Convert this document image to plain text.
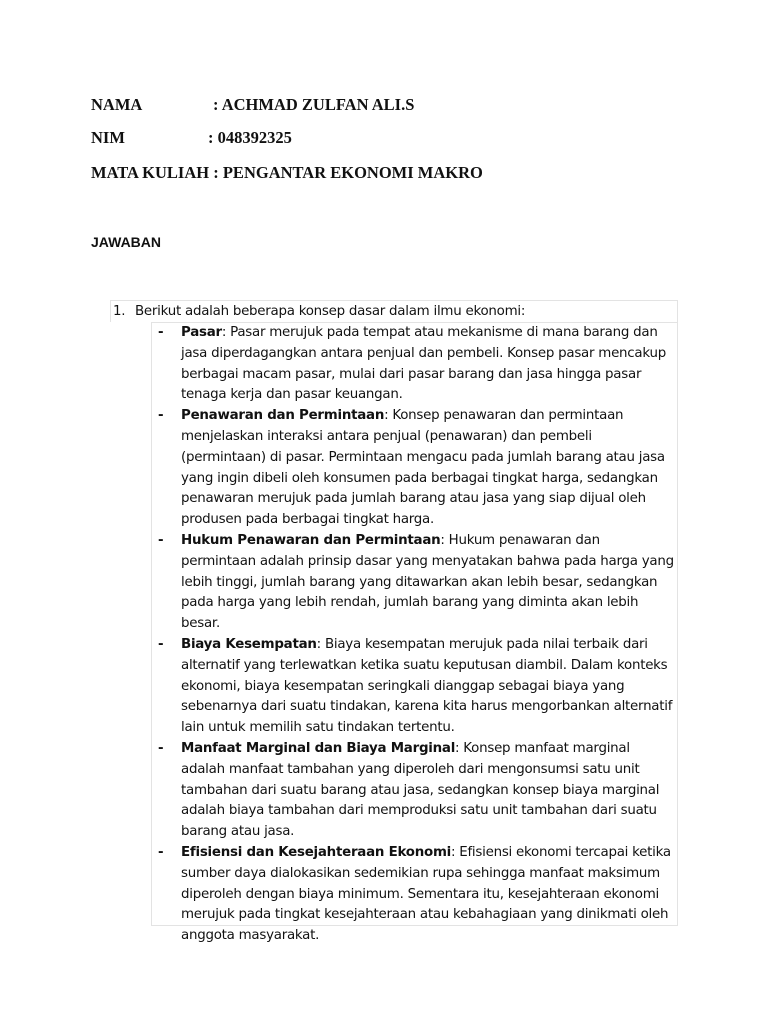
NAMA	: ACHMAD ZULFAN ALI.S
NIM	: 048392325
MATA KULIAH : PENGANTAR EKONOMI MAKRO
JAWABAN
1. Berikut adalah beberapa konsep dasar dalam ilmu ekonomi:
- Pasar: Pasar merujuk pada tempat atau mekanisme di mana barang dan jasa diperdagangkan antara penjual dan pembeli. Konsep pasar mencakup berbagai macam pasar, mulai dari pasar barang dan jasa hingga pasar tenaga kerja dan pasar keuangan.
- Penawaran dan Permintaan: Konsep penawaran dan permintaan menjelaskan interaksi antara penjual (penawaran) dan pembeli (permintaan) di pasar. Permintaan mengacu pada jumlah barang atau jasa yang ingin dibeli oleh konsumen pada berbagai tingkat harga, sedangkan penawaran merujuk pada jumlah barang atau jasa yang siap dijual oleh produsen pada berbagai tingkat harga.
- Hukum Penawaran dan Permintaan: Hukum penawaran dan permintaan adalah prinsip dasar yang menyatakan bahwa pada harga yang lebih tinggi, jumlah barang yang ditawarkan akan lebih besar, sedangkan pada harga yang lebih rendah, jumlah barang yang diminta akan lebih besar.
- Biaya Kesempatan: Biaya kesempatan merujuk pada nilai terbaik dari alternatif yang terlewatkan ketika suatu keputusan diambil. Dalam konteks ekonomi, biaya kesempatan seringkali dianggap sebagai biaya yang sebenarnya dari suatu tindakan, karena kita harus mengorbankan alternatif lain untuk memilih satu tindakan tertentu.
- Manfaat Marginal dan Biaya Marginal: Konsep manfaat marginal adalah manfaat tambahan yang diperoleh dari mengonsumsi satu unit tambahan dari suatu barang atau jasa, sedangkan konsep biaya marginal adalah biaya tambahan dari memproduksi satu unit tambahan dari suatu barang atau jasa.
- Efisiensi dan Kesejahteraan Ekonomi: Efisiensi ekonomi tercapai ketika sumber daya dialokasikan sedemikian rupa sehingga manfaat maksimum diperoleh dengan biaya minimum. Sementara itu, kesejahteraan ekonomi merujuk pada tingkat kesejahteraan atau kebahagiaan yang dinikmati oleh anggota masyarakat.
